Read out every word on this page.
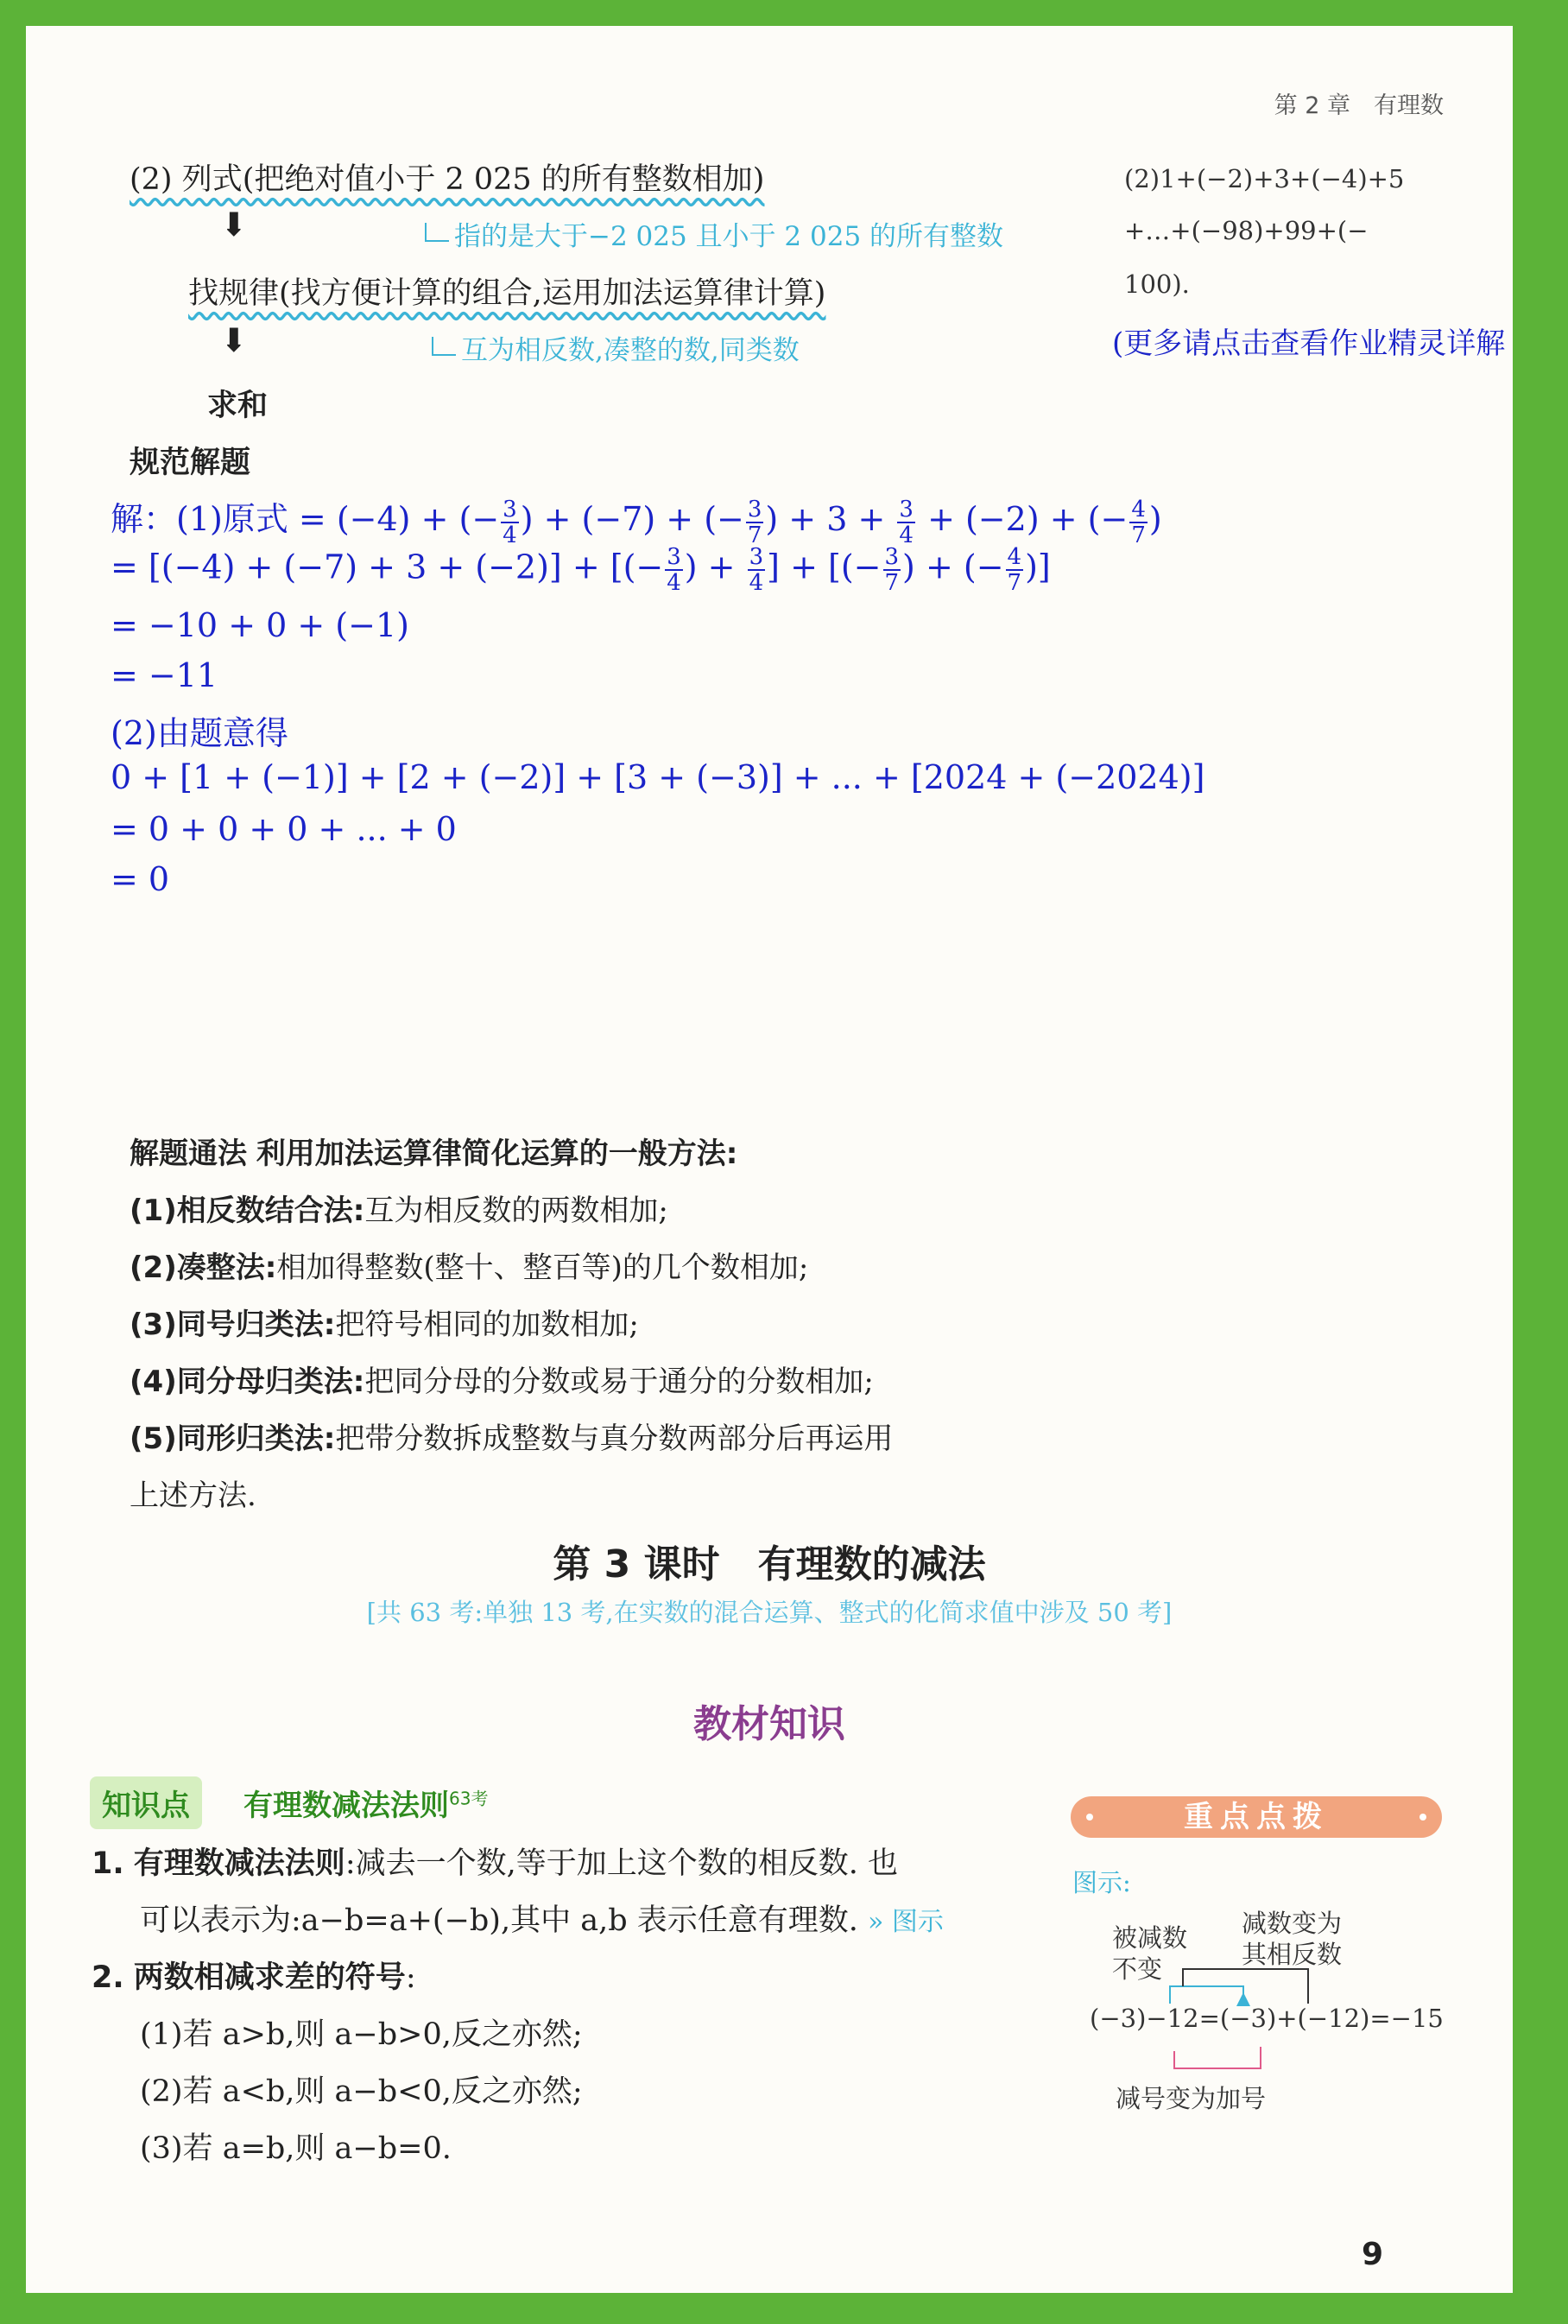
第 2 章　有理数
(2)1+(−2)+3+(−4)+5
+…+(−98)+99+(−
100).
(更多请点击查看作业精灵详解
(2) 列式(把绝对值小于 2 025 的所有整数相加)
⬇	指的是大于−2 025 且小于 2 025 的所有整数
找规律(找方便计算的组合,运用加法运算律计算)
⬇	互为相反数,凑整的数,同类数
求和
规范解题
解：(1)原式 = (−4) + (− $\frac{3}{4}$ ) + (−7) + (− $\frac{3}{7}$ ) + $3 + \frac{3}{4} + (-2)$ + (− $\frac{4}{7}$ )
= [(−4) + (−7) + 3 + (−2)] + [(− $\frac{3}{4}$ ) + $\frac{3}{4}$ ] + [(− $\frac{3}{7}$ ) + (− $\frac{4}{7}$ )]
= −10 + 0 + (−1)
= −11
(2)由题意得
0 + [1 + (−1)] + [2 + (−2)] + [3 + (−3)] + ... + [2024 + (−2024)]
= 0 + 0 + 0 + ... + 0
= 0
解题通法 利用加法运算律简化运算的一般方法:
(1)相反数结合法:互为相反数的两数相加;
(2)凑整法:相加得整数(整十、整百等)的几个数相加;
(3)同号归类法:把符号相同的加数相加;
(4)同分母归类法:把同分母的分数或易于通分的分数相加;
(5)同形归类法:把带分数拆成整数与真分数两部分后再运用
上述方法.
第 3 课时　有理数的减法
[共 63 考:单独 13 考,在实数的混合运算、整式的化简求值中涉及 50 考]
教材知识
知识点	有理数减法法则$^{63考}$
1. 有理数减法法则:减去一个数,等于加上这个数的相反数. 也
可以表示为:a−b=a+(−b),其中 a,b 表示任意有理数. » 图示
2. 两数相减求差的符号:
(1)若 a>b,则 a−b>0,反之亦然;
(2)若 a<b,则 a−b<0,反之亦然;
(3)若 a=b,则 a−b=0.
重点点拨
图示:
被减数
不变
减数变为
其相反数
(−3)−12=(−3)+(−12)=−15
减号变为加号
9
